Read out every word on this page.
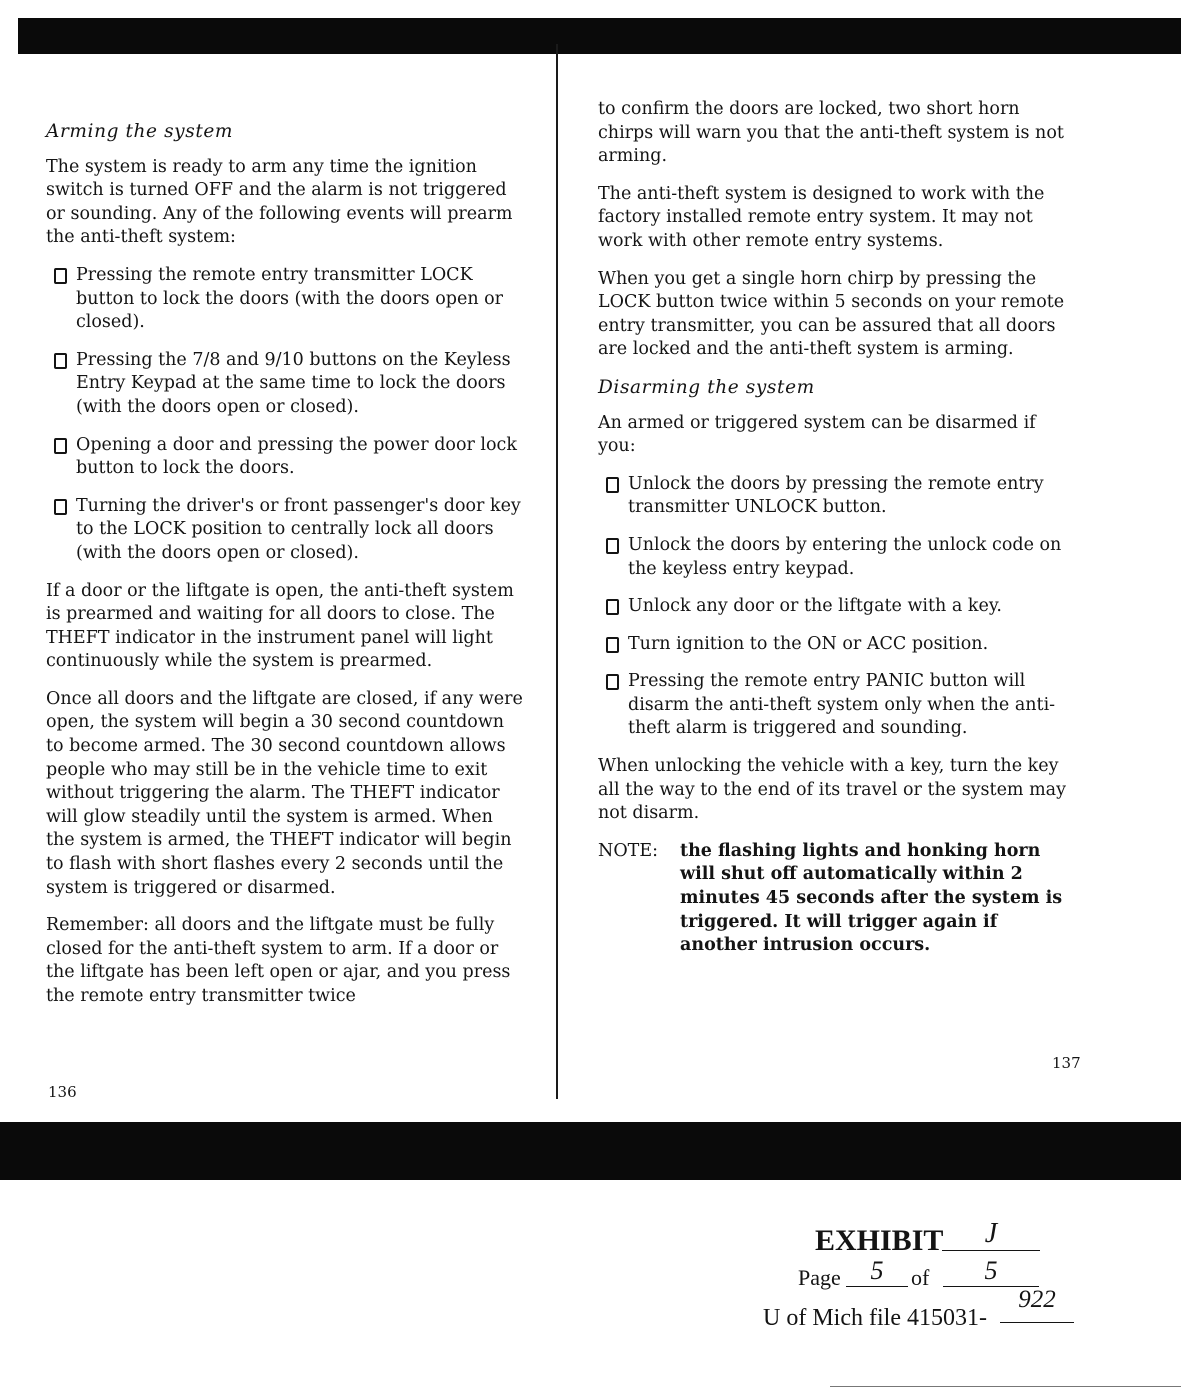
Arming the system
The system is ready to arm any time the ignition switch is turned OFF and the alarm is not triggered or sounding. Any of the following events will prearm the anti-theft system:
Pressing the remote entry transmitter LOCK button to lock the doors (with the doors open or closed).
Pressing the 7/8 and 9/10 buttons on the Keyless Entry Keypad at the same time to lock the doors (with the doors open or closed).
Opening a door and pressing the power door lock button to lock the doors.
Turning the driver's or front passenger's door key to the LOCK position to centrally lock all doors (with the doors open or closed).
If a door or the liftgate is open, the anti-theft system is prearmed and waiting for all doors to close. The THEFT indicator in the instrument panel will light continuously while the system is prearmed.
Once all doors and the liftgate are closed, if any were open, the system will begin a 30 second countdown to become armed. The 30 second countdown allows people who may still be in the vehicle time to exit without triggering the alarm. The THEFT indicator will glow steadily until the system is armed. When the system is armed, the THEFT indicator will begin to flash with short flashes every 2 seconds until the system is triggered or disarmed.
Remember: all doors and the liftgate must be fully closed for the anti-theft system to arm. If a door or the liftgate has been left open or ajar, and you press the remote entry transmitter twice
136
to confirm the doors are locked, two short horn chirps will warn you that the anti-theft system is not arming.
The anti-theft system is designed to work with the factory installed remote entry system. It may not work with other remote entry systems.
When you get a single horn chirp by pressing the LOCK button twice within 5 seconds on your remote entry transmitter, you can be assured that all doors are locked and the anti-theft system is arming.
Disarming the system
An armed or triggered system can be disarmed if you:
Unlock the doors by pressing the remote entry transmitter UNLOCK button.
Unlock the doors by entering the unlock code on the keyless entry keypad.
Unlock any door or the liftgate with a key.
Turn ignition to the ON or ACC position.
Pressing the remote entry PANIC button will disarm the anti-theft system only when the anti-theft alarm is triggered and sounding.
When unlocking the vehicle with a key, turn the key all the way to the end of its travel or the system may not disarm.
NOTE:	the flashing lights and honking horn will shut off automatically within 2 minutes 45 seconds after the system is triggered. It will trigger again if another intrusion occurs.
137
EXHIBIT	J
Page	5	of	5
U of Mich file 415031-
922
